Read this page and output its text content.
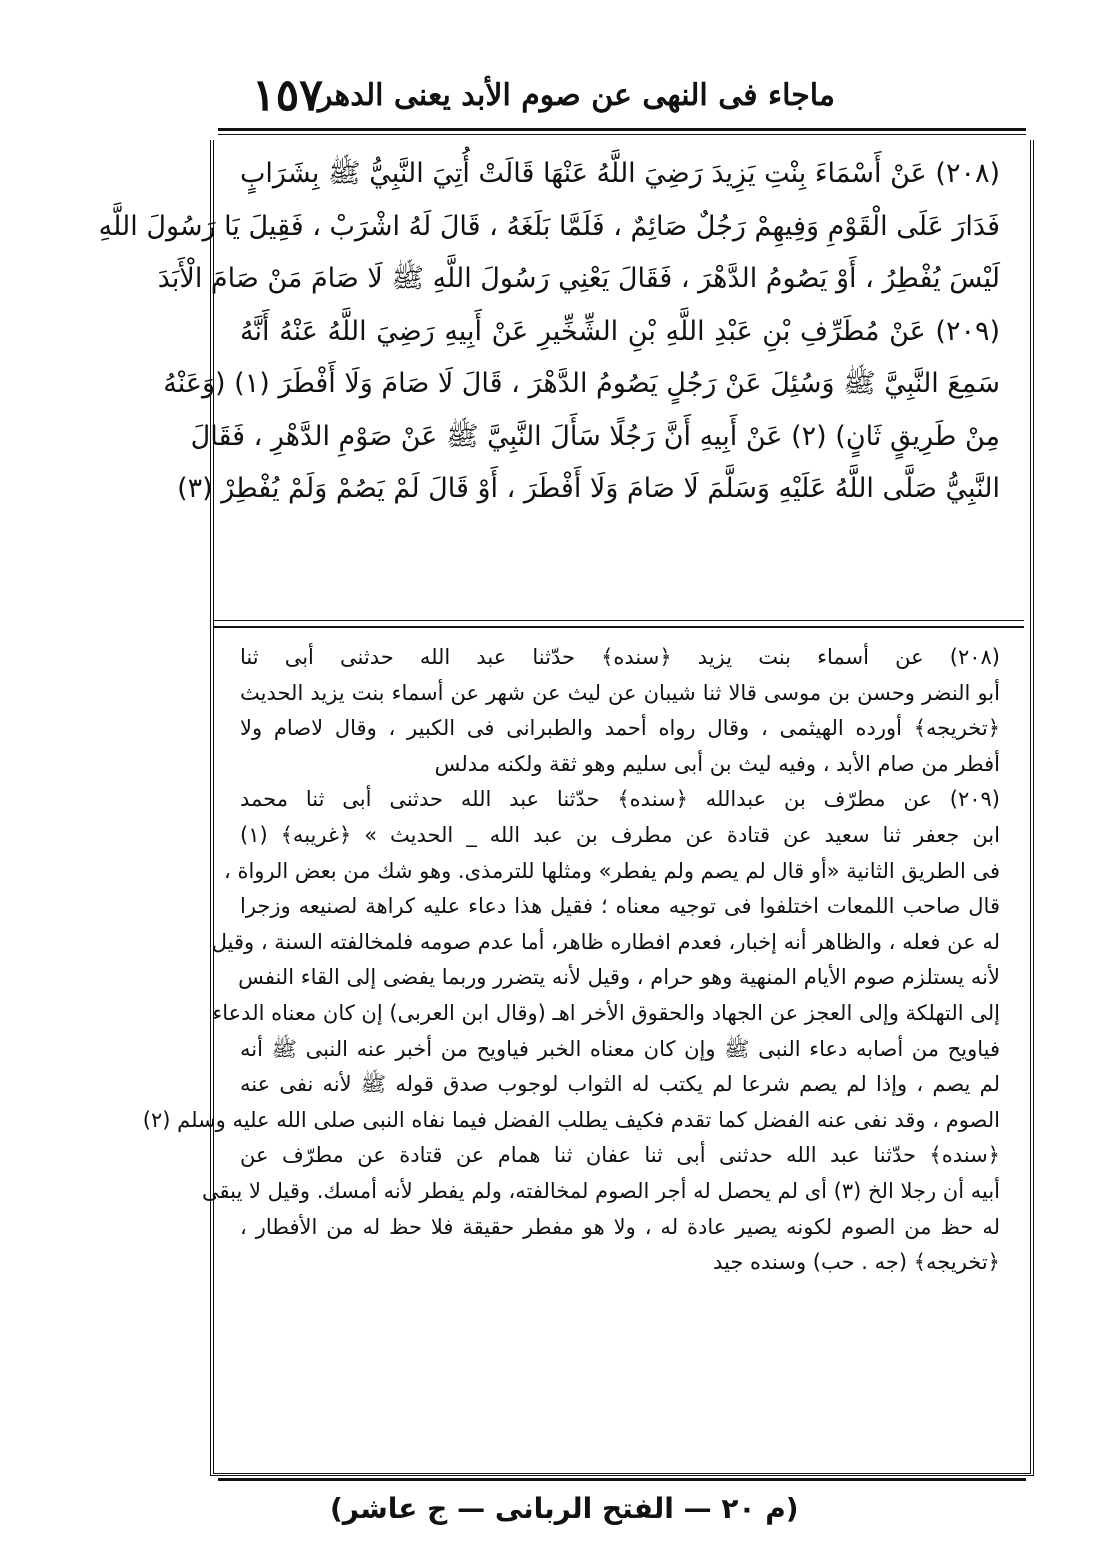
١٥٧
ماجاء فى النهى عن صوم الأبد يعنى الدهر
(٢٠٨) عَنْ أَسْمَاءَ بِنْتِ يَزِيدَ رَضِيَ اللَّهُ عَنْهَا قَالَتْ أُتِيَ النَّبِيُّ ﷺ بِشَرَابٍ
فَدَارَ عَلَى الْقَوْمِ وَفِيهِمْ رَجُلٌ صَائِمٌ ، فَلَمَّا بَلَغَهُ ، قَالَ لَهُ اشْرَبْ ، فَقِيلَ يَا رَسُولَ اللَّهِ
لَيْسَ يُفْطِرُ ، أَوْ يَصُومُ الدَّهْرَ ، فَقَالَ يَعْنِي رَسُولَ اللَّهِ ﷺ لَا صَامَ مَنْ صَامَ الْأَبَدَ
(٢٠٩) عَنْ مُطَرِّفِ بْنِ عَبْدِ اللَّهِ بْنِ الشِّخِّيرِ عَنْ أَبِيهِ رَضِيَ اللَّهُ عَنْهُ أَنَّهُ
سَمِعَ النَّبِيَّ ﷺ وَسُئِلَ عَنْ رَجُلٍ يَصُومُ الدَّهْرَ ، قَالَ لَا صَامَ وَلَا أَفْطَرَ (١) (وَعَنْهُ
مِنْ طَرِيقٍ ثَانٍ) (٢) عَنْ أَبِيهِ أَنَّ رَجُلًا سَأَلَ النَّبِيَّ ﷺ عَنْ صَوْمِ الدَّهْرِ ، فَقَالَ
النَّبِيُّ صَلَّى اللَّهُ عَلَيْهِ وَسَلَّمَ لَا صَامَ وَلَا أَفْطَرَ ، أَوْ قَالَ لَمْ يَصُمْ وَلَمْ يُفْطِرْ (٣)
(٢٠٨) عن أسماء بنت يزيد ﴿سنده﴾ حدّثنا عبد الله حدثنى أبى ثنا
أبو النضر وحسن بن موسى قالا ثنا شيبان عن ليث عن شهر عن أسماء بنت يزيد الحديث
﴿تخريجه﴾ أورده الهيثمى ، وقال رواه أحمد والطبرانى فى الكبير ، وقال لاصام ولا
أفطر من صام الأبد ، وفيه ليث بن أبى سليم وهو ثقة ولكنه مدلس
(٢٠٩) عن مطرّف بن عبدالله ﴿سنده﴾ حدّثنا عبد الله حدثنى أبى ثنا محمد
ابن جعفر ثنا سعيد عن قتادة عن مطرف بن عبد الله _ الحديث » ﴿غريبه﴾ (١)
فى الطريق الثانية «أو قال لم يصم ولم يفطر» ومثلها للترمذى. وهو شك من بعض الرواة ،
قال صاحب اللمعات اختلفوا فى توجيه معناه ؛ فقيل هذا دعاء عليه كراهة لصنيعه وزجرا
له عن فعله ، والظاهر أنه إخبار، فعدم افطاره ظاهر، أما عدم صومه فلمخالفته السنة ، وقيل
لأنه يستلزم صوم الأيام المنهية وهو حرام ، وقيل لأنه يتضرر وربما يفضى إلى القاء النفس
إلى التهلكة وإلى العجز عن الجهاد والحقوق الأخر اهـ (وقال ابن العربى) إن كان معناه الدعاء
فياويح من أصابه دعاء النبى ﷺ وإن كان معناه الخبر فياويح من أخبر عنه النبى ﷺ أنه
لم يصم ، وإذا لم يصم شرعا لم يكتب له الثواب لوجوب صدق قوله ﷺ لأنه نفى عنه
الصوم ، وقد نفى عنه الفضل كما تقدم فكيف يطلب الفضل فيما نفاه النبى صلى الله عليه وسلم (٢)
﴿سنده﴾ حدّثنا عبد الله حدثنى أبى ثنا عفان ثنا همام عن قتادة عن مطرّف عن
أبيه أن رجلا الخ (٣) أى لم يحصل له أجر الصوم لمخالفته، ولم يفطر لأنه أمسك. وقيل لا يبقى
له حظ من الصوم لكونه يصير عادة له ، ولا هو مفطر حقيقة فلا حظ له من الأفطار ،
﴿تخريجه﴾ (جه . حب) وسنده جيد
(م ٢٠ — الفتح الربانى — ج عاشر)
